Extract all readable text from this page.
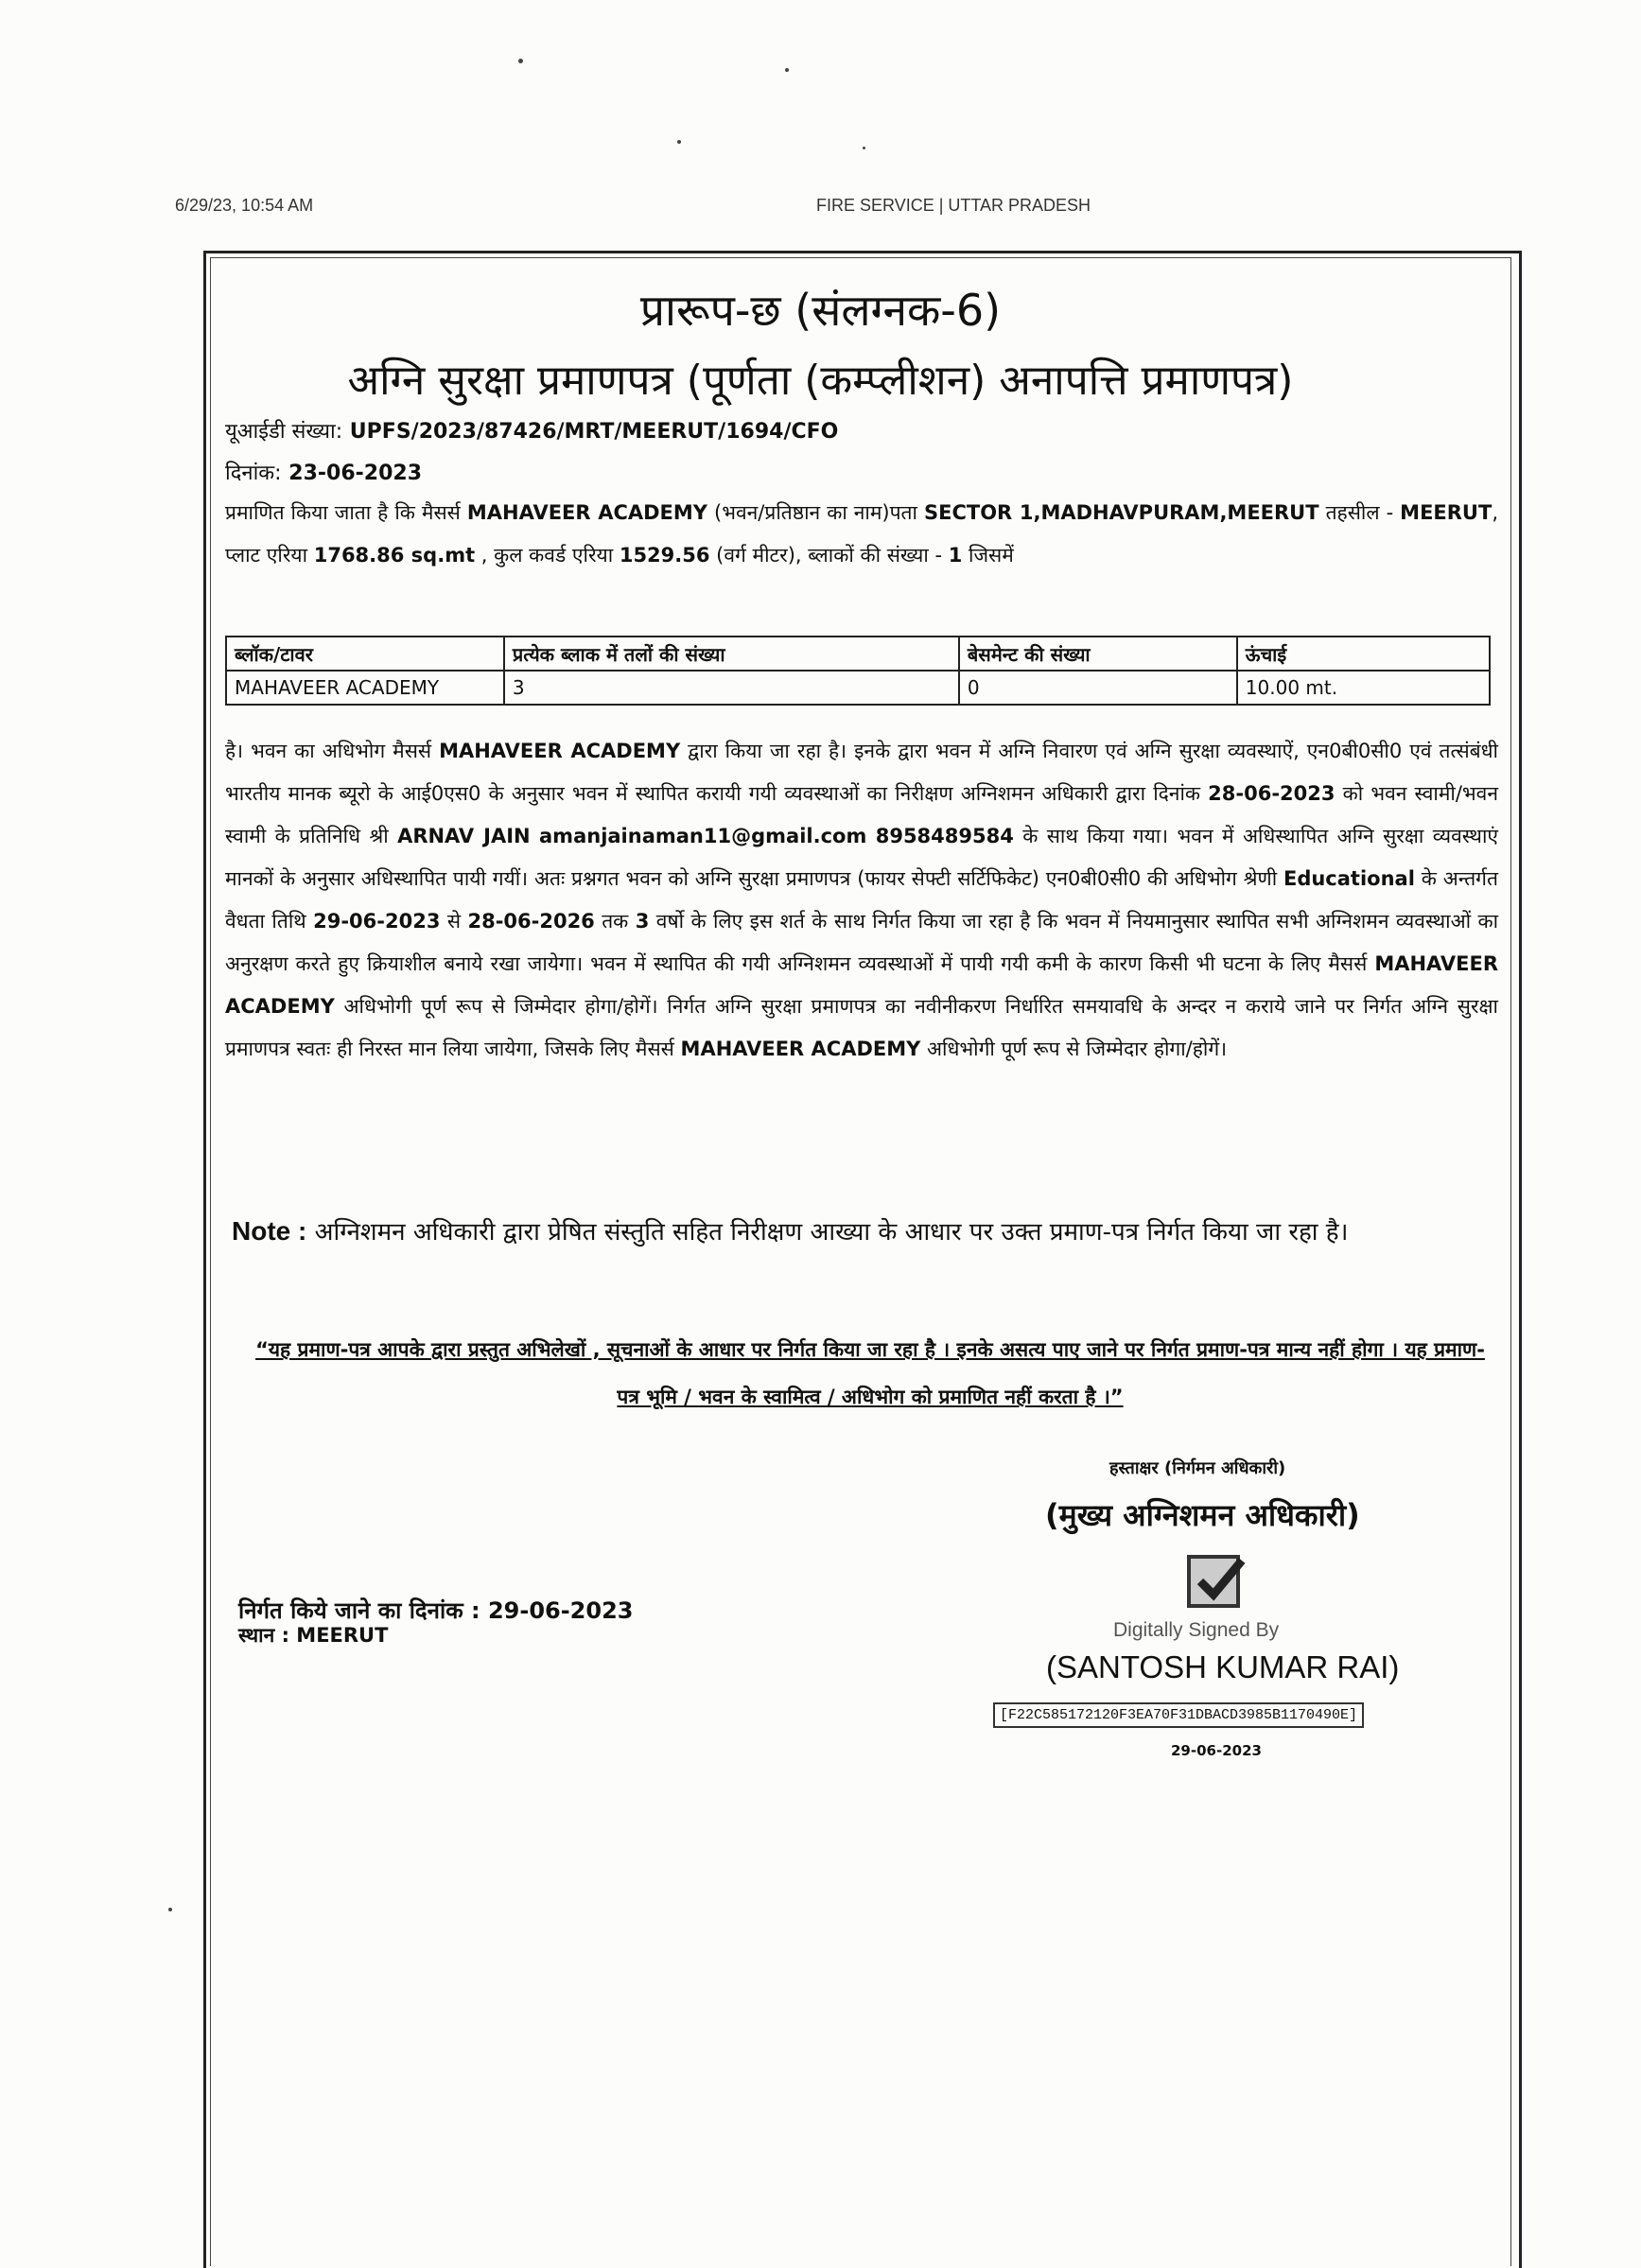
6/29/23, 10:54 AM	FIRE SERVICE | UTTAR PRADESH
प्रारूप-छ (संलग्नक-6)
अग्नि सुरक्षा प्रमाणपत्र (पूर्णता (कम्प्लीशन) अनापत्ति प्रमाणपत्र)
यूआईडी संख्या: UPFS/2023/87426/MRT/MEERUT/1694/CFO
दिनांक: 23-06-2023
प्रमाणित किया जाता है कि मैसर्स MAHAVEER ACADEMY (भवन/प्रतिष्ठान का नाम)पता SECTOR 1,MADHAVPURAM,MEERUT तहसील - MEERUT, प्लाट एरिया 1768.86 sq.mt , कुल कवर्ड एरिया 1529.56 (वर्ग मीटर), ब्लाकों की संख्या - 1 जिसमें
ब्लॉक/टावर	प्रत्येक ब्लाक में तलों की संख्या	बेसमेन्ट की संख्या	ऊंचाई
MAHAVEER ACADEMY	3	0	10.00 mt.
है। भवन का अधिभोग मैसर्स MAHAVEER ACADEMY द्वारा किया जा रहा है। इनके द्वारा भवन में अग्नि निवारण एवं अग्नि सुरक्षा व्यवस्थाऐं, एन0बी0सी0 एवं तत्संबंधी भारतीय मानक ब्यूरो के आई0एस0 के अनुसार भवन में स्थापित करायी गयी व्यवस्थाओं का निरीक्षण अग्निशमन अधिकारी द्वारा दिनांक 28-06-2023 को भवन स्वामी/भवन स्वामी के प्रतिनिधि श्री ARNAV JAIN amanjainaman11@gmail.com 8958489584 के साथ किया गया। भवन में अधिस्थापित अग्नि सुरक्षा व्यवस्थाएं मानकों के अनुसार अधिस्थापित पायी गयीं। अतः प्रश्नगत भवन को अग्नि सुरक्षा प्रमाणपत्र (फायर सेफ्टी सर्टिफिकेट) एन0बी0सी0 की अधिभोग श्रेणी Educational के अन्तर्गत वैधता तिथि 29-06-2023 से 28-06-2026 तक 3 वर्षो के लिए इस शर्त के साथ निर्गत किया जा रहा है कि भवन में नियमानुसार स्थापित सभी अग्निशमन व्यवस्थाओं का अनुरक्षण करते हुए क्रियाशील बनाये रखा जायेगा। भवन में स्थापित की गयी अग्निशमन व्यवस्थाओं में पायी गयी कमी के कारण किसी भी घटना के लिए मैसर्स MAHAVEER ACADEMY अधिभोगी पूर्ण रूप से जिम्मेदार होगा/होगें। निर्गत अग्नि सुरक्षा प्रमाणपत्र का नवीनीकरण निर्धारित समयावधि के अन्दर न कराये जाने पर निर्गत अग्नि सुरक्षा प्रमाणपत्र स्वतः ही निरस्त मान लिया जायेगा, जिसके लिए मैसर्स MAHAVEER ACADEMY अधिभोगी पूर्ण रूप से जिम्मेदार होगा/होगें।
Note : अग्निशमन अधिकारी द्वारा प्रेषित संस्तुति सहित निरीक्षण आख्या के आधार पर उक्त प्रमाण-पत्र निर्गत किया जा रहा है।
“यह प्रमाण-पत्र आपके द्वारा प्रस्तुत अभिलेखों , सूचनाओं के आधार पर निर्गत किया जा रहा है । इनके असत्य पाए जाने पर निर्गत प्रमाण-पत्र मान्य नहीं होगा । यह प्रमाण-पत्र भूमि / भवन के स्वामित्व / अधिभोग को प्रमाणित नहीं करता है ।”
हस्ताक्षर (निर्गमन अधिकारी)
(मुख्य अग्निशमन अधिकारी)
Digitally Signed By
(SANTOSH KUMAR RAI)
[F22C585172120F3EA70F31DBACD3985B1170490E]
29-06-2023
निर्गत किये जाने का दिनांक : 29-06-2023
स्थान : MEERUT
